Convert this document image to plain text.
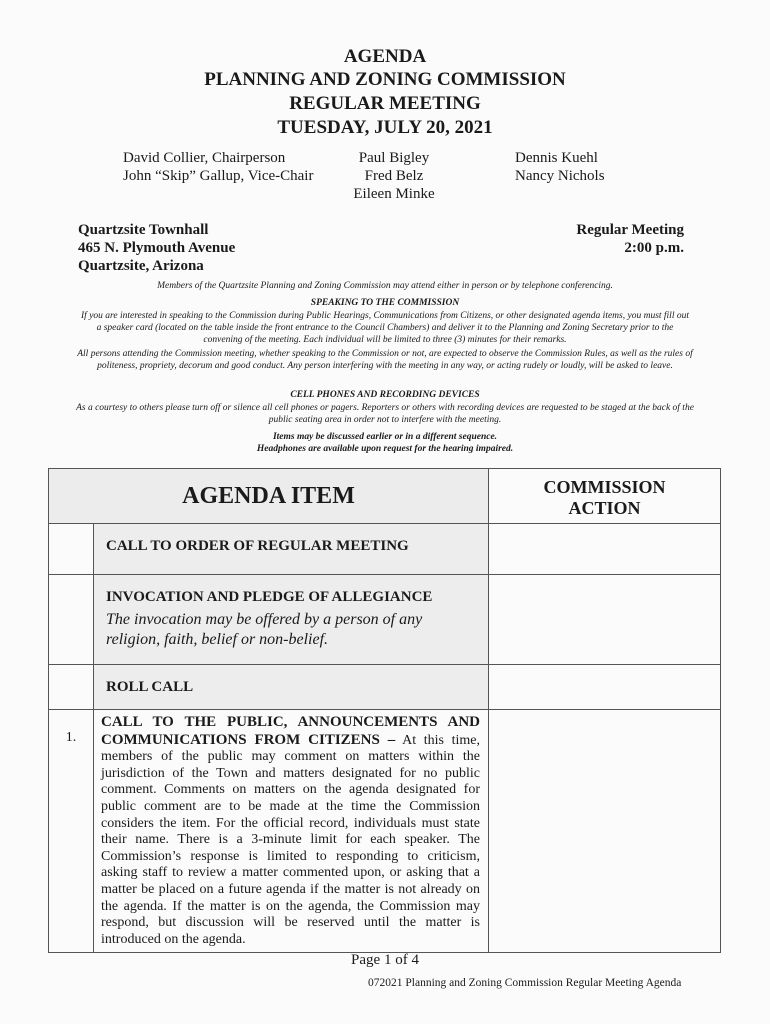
AGENDA
PLANNING AND ZONING COMMISSION
REGULAR MEETING
TUESDAY, JULY 20, 2021
David Collier, Chairperson
John “Skip” Gallup, Vice-Chair
Paul Bigley
Fred Belz
Eileen Minke
Dennis Kuehl
Nancy Nichols
Quartzsite Townhall
465 N. Plymouth Avenue
Quartzsite, Arizona
Regular Meeting
2:00 p.m.
Members of the Quartzsite Planning and Zoning Commission may attend either in person or by telephone conferencing.
SPEAKING TO THE COMMISSION
If you are interested in speaking to the Commission during Public Hearings, Communications from Citizens, or other designated agenda items, you must fill out a speaker card (located on the table inside the front entrance to the Council Chambers) and deliver it to the Planning and Zoning Secretary prior to the convening of the meeting. Each individual will be limited to three (3) minutes for their remarks.
All persons attending the Commission meeting, whether speaking to the Commission or not, are expected to observe the Commission Rules, as well as the rules of politeness, propriety, decorum and good conduct. Any person interfering with the meeting in any way, or acting rudely or loudly, will be asked to leave.
CELL PHONES AND RECORDING DEVICES
As a courtesy to others please turn off or silence all cell phones or pagers. Reporters or others with recording devices are requested to be staged at the back of the public seating area in order not to interfere with the meeting.
Items may be discussed earlier or in a different sequence.
Headphones are available upon request for the hearing impaired.
AGENDA ITEM		COMMISSION
ACTION

	CALL TO ORDER OF REGULAR MEETING	

	INVOCATION AND PLEDGE OF ALLEGIANCE
The invocation may be offered by a person of any religion, faith, belief or non-belief.	

	ROLL CALL	
1.	CALL TO THE PUBLIC, ANNOUNCEMENTS AND COMMUNICATIONS FROM CITIZENS – At this time, members of the public may comment on matters within the jurisdiction of the Town and matters designated for no public comment. Comments on matters on the agenda designated for public comment are to be made at the time the Commission considers the item. For the official record, individuals must state their name. There is a 3-minute limit for each speaker. The Commission’s response is limited to responding to criticism, asking staff to review a matter commented upon, or asking that a matter be placed on a future agenda if the matter is not already on the agenda. If the matter is on the agenda, the Commission may respond, but discussion will be reserved until the matter is introduced on the agenda.	
Page 1 of 4
072021 Planning and Zoning Commission Regular Meeting Agenda
